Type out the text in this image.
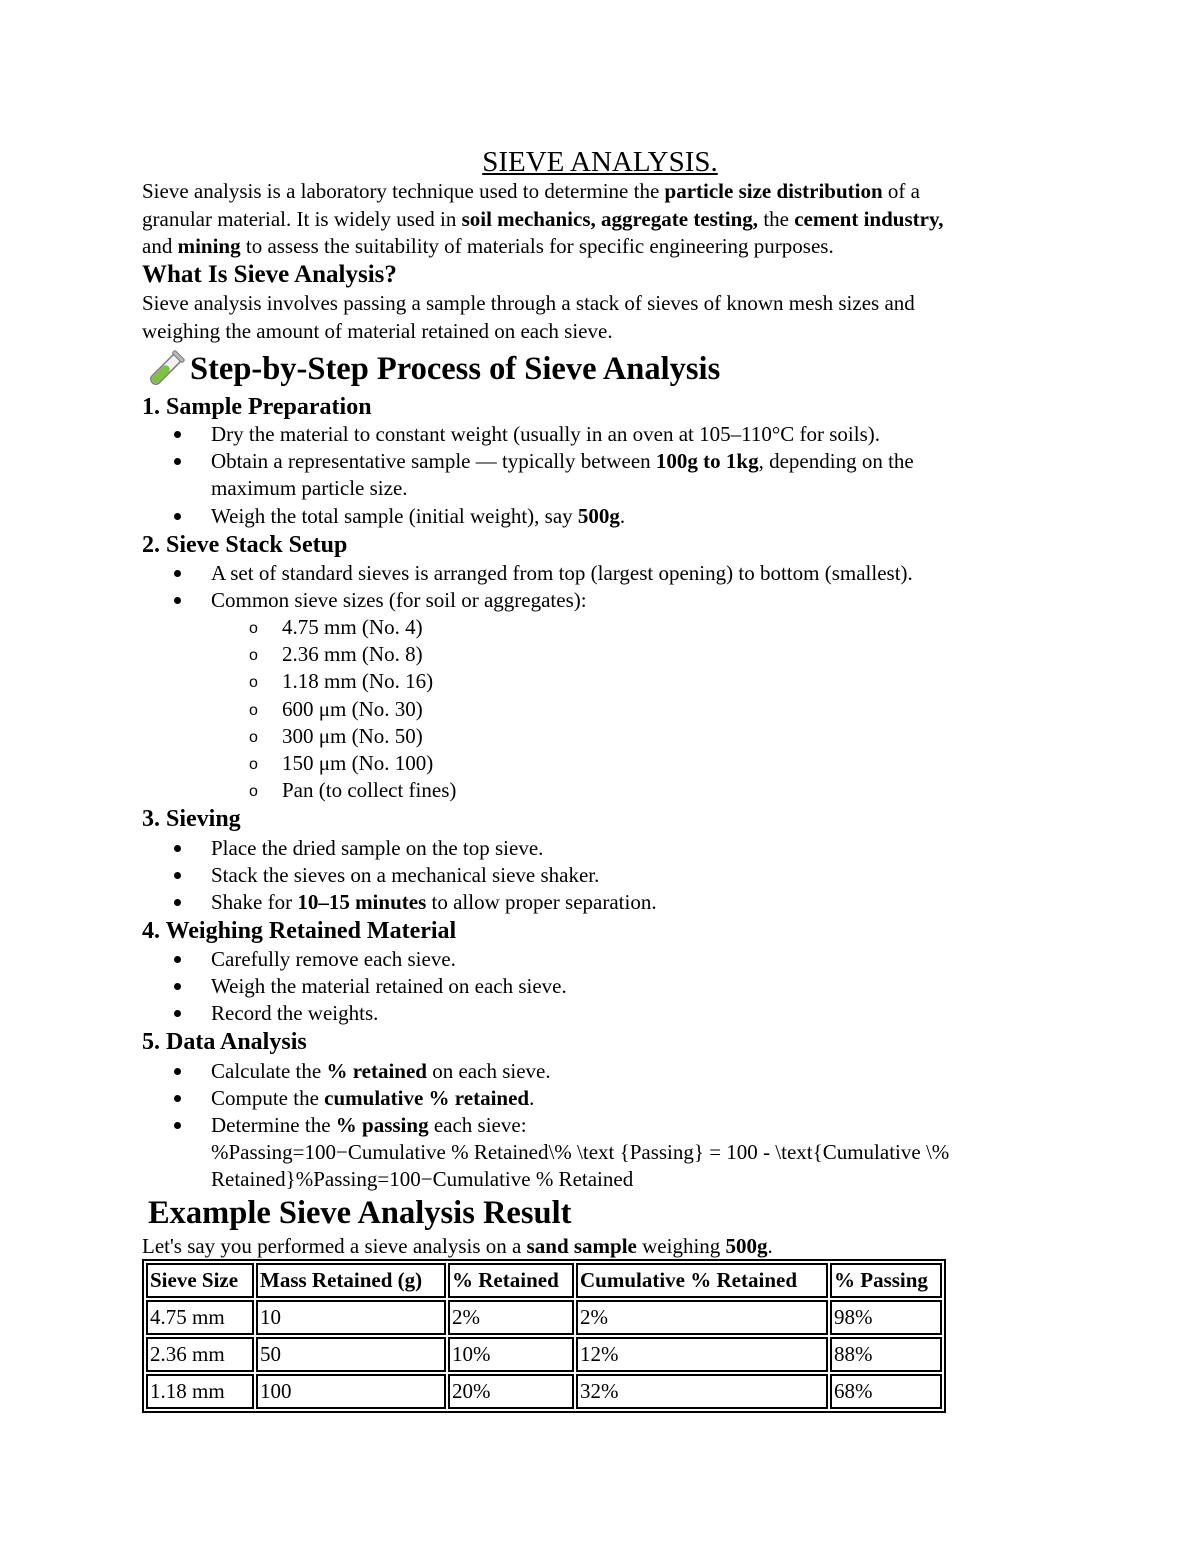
SIEVE ANALYSIS.
Sieve analysis is a laboratory technique used to determine the particle size distribution of a
granular material. It is widely used in soil mechanics, aggregate testing, the cement industry,
and mining to assess the suitability of materials for specific engineering purposes.
What Is Sieve Analysis?
Sieve analysis involves passing a sample through a stack of sieves of known mesh sizes and
weighing the amount of material retained on each sieve.
Step-by-Step Process of Sieve Analysis
1. Sample Preparation
Dry the material to constant weight (usually in an oven at 105–110°C for soils).
Obtain a representative sample — typically between 100g to 1kg, depending on the
maximum particle size.
Weigh the total sample (initial weight), say 500g.
2. Sieve Stack Setup
A set of standard sieves is arranged from top (largest opening) to bottom (smallest).
Common sieve sizes (for soil or aggregates):
o 4.75 mm (No. 4)
o 2.36 mm (No. 8)
o 1.18 mm (No. 16)
o 600 μm (No. 30)
o 300 μm (No. 50)
o 150 μm (No. 100)
o Pan (to collect fines)
3. Sieving
Place the dried sample on the top sieve.
Stack the sieves on a mechanical sieve shaker.
Shake for 10–15 minutes to allow proper separation.
4. Weighing Retained Material
Carefully remove each sieve.
Weigh the material retained on each sieve.
Record the weights.
5. Data Analysis
Calculate the % retained on each sieve.
Compute the cumulative % retained.
Determine the % passing each sieve:
%Passing=100−Cumulative % Retained\% \text {Passing} = 100 - \text{Cumulative \%
Retained}%Passing=100−Cumulative % Retained
Example Sieve Analysis Result
Let's say you performed a sieve analysis on a sand sample weighing 500g.
Sieve Size	Mass Retained (g)	% Retained	Cumulative % Retained	% Passing
4.75 mm	10	2%	2%	98%
2.36 mm	50	10%	12%	88%
1.18 mm	100	20%	32%	68%
